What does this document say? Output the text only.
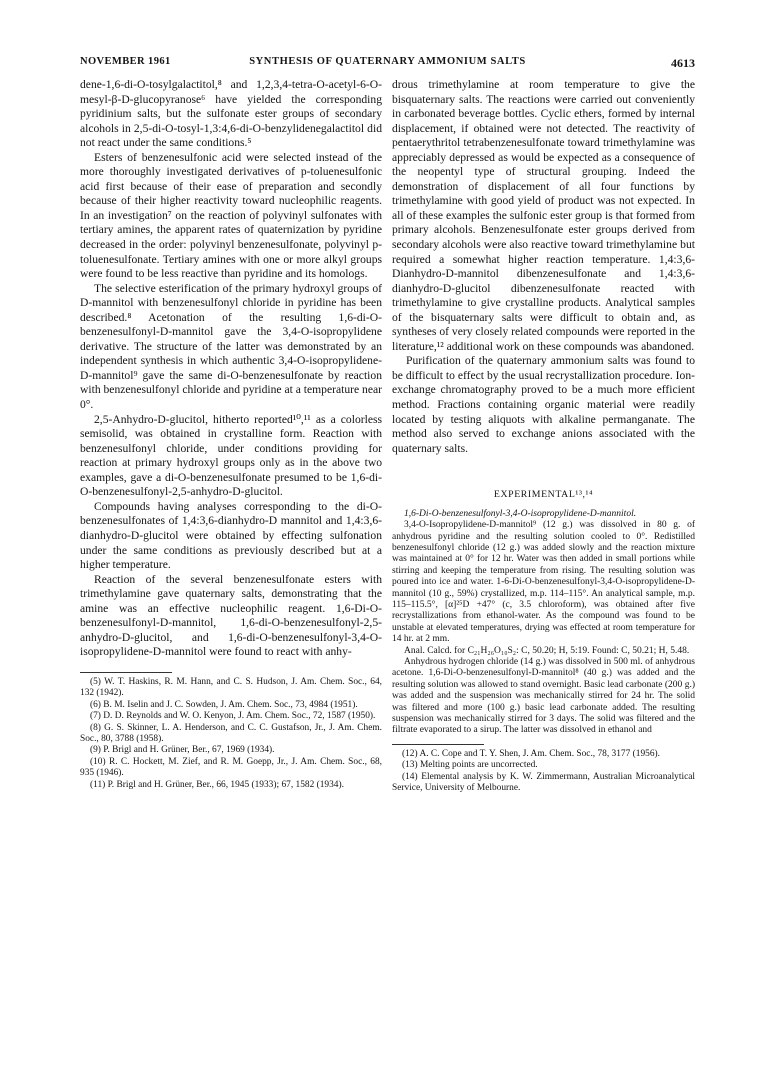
NOVEMBER 1961	SYNTHESIS OF QUATERNARY AMMONIUM SALTS	4613

dene-1,6-di-O-tosylgalactitol,⁸ and 1,2,3,4-tetra-O-acetyl-6-O-mesyl-β-D-glucopyranose⁶ have yielded the corresponding pyridinium salts, but the sulfonate ester groups of secondary alcohols in 2,5-di-O-tosyl-1,3:4,6-di-O-benzylidenegalactitol did not react under the same conditions.⁵

Esters of benzenesulfonic acid were selected instead of the more thoroughly investigated derivatives of p-toluenesulfonic acid first because of their ease of preparation and secondly because of their higher reactivity toward nucleophilic reagents. In an investigation⁷ on the reaction of polyvinyl sulfonates with tertiary amines, the apparent rates of quaternization by pyridine decreased in the order: polyvinyl benzenesulfonate, polyvinyl p-toluenesulfonate. Tertiary amines with one or more alkyl groups were found to be less reactive than pyridine and its homologs.

The selective esterification of the primary hydroxyl groups of D-mannitol with benzenesulfonyl chloride in pyridine has been described.⁸ Acetonation of the resulting 1,6-di-O-benzenesulfonyl-D-mannitol gave the 3,4-O-isopropylidene derivative. The structure of the latter was demonstrated by an independent synthesis in which authentic 3,4-O-isopropylidene-D-mannitol⁹ gave the same di-O-benzenesulfonate by reaction with benzenesulfonyl chloride and pyridine at a temperature near 0°.

2,5-Anhydro-D-glucitol, hitherto reported¹⁰,¹¹ as a colorless semisolid, was obtained in crystalline form. Reaction with benzenesulfonyl chloride, under conditions providing for reaction at primary hydroxyl groups only as in the above two examples, gave a di-O-benzenesulfonate presumed to be 1,6-di-O-benzenesulfonyl-2,5-anhydro-D-glucitol.

Compounds having analyses corresponding to the di-O-benzenesulfonates of 1,4:3,6-dianhydro-D mannitol and 1,4:3,6-dianhydro-D-glucitol were obtained by effecting sulfonation under the same conditions as previously described but at a higher temperature.

Reaction of the several benzenesulfonate esters with trimethylamine gave quaternary salts, demonstrating that the amine was an effective nucleophilic reagent. 1,6-Di-O-benzenesulfonyl-D-mannitol, 1,6-di-O-benzenesulfonyl-2,5-anhydro-D-glucitol, and 1,6-di-O-benzenesulfonyl-3,4-O-isopropylidene-D-mannitol were found to react with anhy-

(5) W. T. Haskins, R. M. Hann, and C. S. Hudson, J. Am. Chem. Soc., 64, 132 (1942).

(6) B. M. Iselin and J. C. Sowden, J. Am. Chem. Soc., 73, 4984 (1951).

(7) D. D. Reynolds and W. O. Kenyon, J. Am. Chem. Soc., 72, 1587 (1950).

(8) G. S. Skinner, L. A. Henderson, and C. C. Gustafson, Jr., J. Am. Chem. Soc., 80, 3788 (1958).

(9) P. Brigl and H. Grüner, Ber., 67, 1969 (1934).

(10) R. C. Hockett, M. Zief, and R. M. Goepp, Jr., J. Am. Chem. Soc., 68, 935 (1946).

(11) P. Brigl and H. Grüner, Ber., 66, 1945 (1933); 67, 1582 (1934).

drous trimethylamine at room temperature to give the bisquaternary salts. The reactions were carried out conveniently in carbonated beverage bottles. Cyclic ethers, formed by internal displacement, if obtained were not detected. The reactivity of pentaerythritol tetrabenzenesulfonate toward trimethylamine was appreciably depressed as would be expected as a consequence of the neopentyl type of structural grouping. Indeed the demonstration of displacement of all four functions by trimethylamine with good yield of product was not expected. In all of these examples the sulfonic ester group is that formed from primary alcohols. Benzenesulfonate ester groups derived from secondary alcohols were also reactive toward trimethylamine but required a somewhat higher reaction temperature. 1,4:3,6-Dianhydro-D-mannitol dibenzenesulfonate and 1,4:3,6-dianhydro-D-glucitol dibenzenesulfonate reacted with trimethylamine to give crystalline products. Analytical samples of the bisquaternary salts were difficult to obtain and, as syntheses of very closely related compounds were reported in the literature,¹² additional work on these compounds was abandoned.

Purification of the quaternary ammonium salts was found to be difficult to effect by the usual recrystallization procedure. Ion-exchange chromatography proved to be a much more efficient method. Fractions containing organic material were readily located by testing aliquots with alkaline permanganate. The method also served to exchange anions associated with the quaternary salts.

EXPERIMENTAL¹³,¹⁴

1,6-Di-O-benzenesulfonyl-3,4-O-isopropylidene-D-mannitol.

3,4-O-Isopropylidene-D-mannitol⁹ (12 g.) was dissolved in 80 g. of anhydrous pyridine and the resulting solution cooled to 0°. Redistilled benzenesulfonyl chloride (12 g.) was added slowly and the reaction mixture was maintained at 0° for 12 hr. Water was then added in small portions while stirring and keeping the temperature from rising. The resulting solution was poured into ice and water. 1-6-Di-O-benzenesulfonyl-3,4-O-isopropylidene-D-mannitol (10 g., 59%) crystallized, m.p. 114–115°. An analytical sample, m.p. 115–115.5°, [α]²⁵D +47° (c, 3.5 chloroform), was obtained after five recrystallizations from ethanol-water. As the compound was found to be unstable at elevated temperatures, drying was effected at room temperature for 14 hr. at 2 mm.

Anal. Calcd. for C₂₁H₂₆O₁₀S₂: C, 50.20; H, 5:19. Found: C, 50.21; H, 5.48.

Anhydrous hydrogen chloride (14 g.) was dissolved in 500 ml. of anhydrous acetone. 1,6-Di-O-benzenesulfonyl-D-mannitol⁸ (40 g.) was added and the resulting solution was allowed to stand overnight. Basic lead carbonate (200 g.) was added and the suspension was mechanically stirred for 24 hr. The solid was filtered and more (100 g.) basic lead carbonate added. The resulting suspension was mechanically stirred for 3 days. The solid was filtered and the filtrate evaporated to a sirup. The latter was dissolved in ethanol and

(12) A. C. Cope and T. Y. Shen, J. Am. Chem. Soc., 78, 3177 (1956).

(13) Melting points are uncorrected.

(14) Elemental analysis by K. W. Zimmermann, Australian Microanalytical Service, University of Melbourne.
